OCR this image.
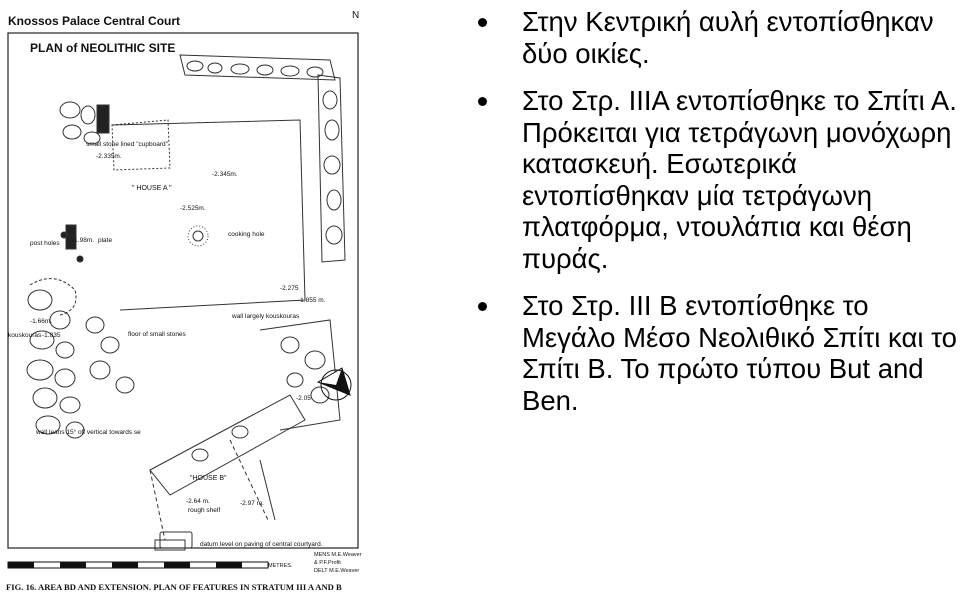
Knossos Palace Central Court	N
PLAN of NEOLITHIC SITE
small stone lined "cupboard"
-2.335m.
-2.345m.
" HOUSE A "
-2.525m.
cooking hole
post holes -1.98m. plate
-2.275
-1.855 m.
wall largely kouskouras
-1.66m.
kouskouras -1.835	floor of small stones
-2.05
wall leans 15° off vertical towards se
"HOUSE B"
-2.64 m.
rough shelf
-2.97 m.
datum level on paving of central courtyard.
MENS M.E.Weaver
& P.F.Profit
DELT M.E.Weaver
METRES.
FIG. 16. AREA BD AND EXTENSION. PLAN OF FEATURES IN STRATUM III A AND B
Στην Κεντρική αυλή εντοπίσθηκαν δύο οικίες.
Στο Στρ. ΙΙΙΑ εντοπίσθηκε το Σπίτι Α. Πρόκειται για τετράγωνη μονόχωρη κατασκευή. Εσωτερικά εντοπίσθηκαν μία τετράγωνη πλατφόρμα, ντουλάπια και θέση πυράς.
Στο Στρ. ΙΙΙ Β εντοπίσθηκε το Μεγάλο Μέσο Νεολιθικό Σπίτι και το Σπίτι Β. Το πρώτο τύπου But and Ben.
